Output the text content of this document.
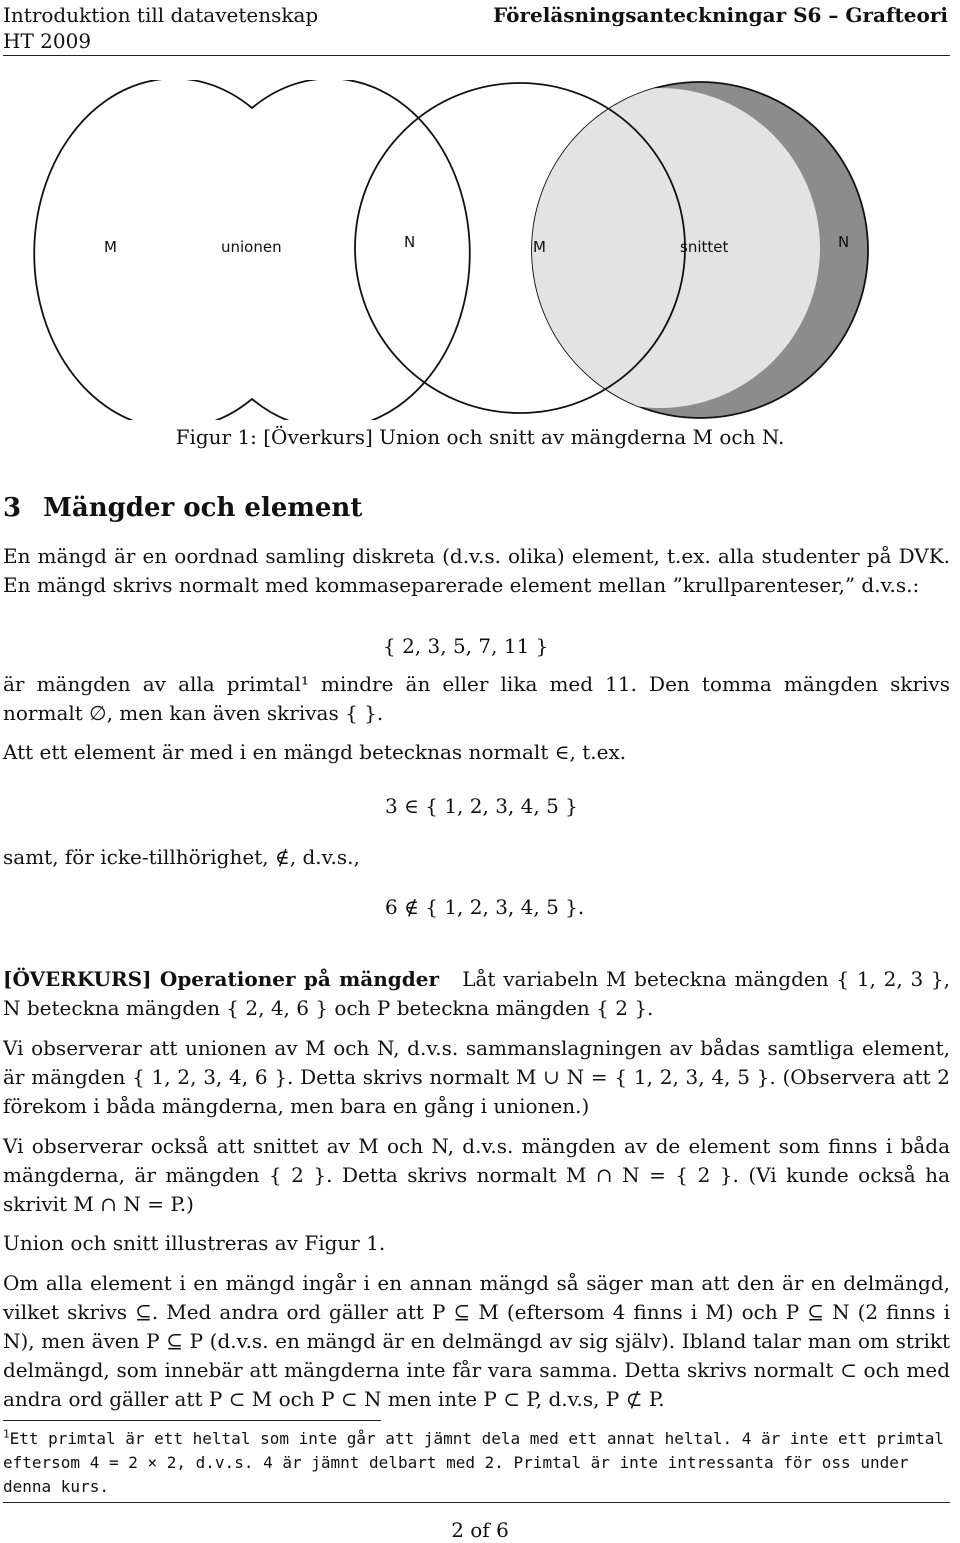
Introduktion till datavetenskap
HT 2009
Föreläsningsanteckningar S6 – Grafteori
M	unionen	N	M	snittet	N
Figur 1: [Överkurs] Union och snitt av mängderna M och N.
3 Mängder och element
En mängd är en oordnad samling diskreta (d.v.s. olika) element, t.ex. alla studenter på DVK. En mängd skrivs normalt med kommaseparerade element mellan ”krullparenteser,” d.v.s.:
{ 2, 3, 5, 7, 11 }
är mängden av alla primtal¹ mindre än eller lika med 11. Den tomma mängden skrivs normalt ∅, men kan även skrivas { }.
Att ett element är med i en mängd betecknas normalt ∈, t.ex.
3 ∈ { 1, 2, 3, 4, 5 }
samt, för icke-tillhörighet, ∉, d.v.s.,
6 ∉ { 1, 2, 3, 4, 5 }.
[ÖVERKURS] Operationer på mängder Låt variabeln M beteckna mängden { 1, 2, 3 }, N beteckna mängden { 2, 4, 6 } och P beteckna mängden { 2 }.
Vi observerar att unionen av M och N, d.v.s. sammanslagningen av bådas samtliga element, är mängden { 1, 2, 3, 4, 6 }. Detta skrivs normalt M ∪ N = { 1, 2, 3, 4, 5 }. (Observera att 2 förekom i båda mängderna, men bara en gång i unionen.)
Vi observerar också att snittet av M och N, d.v.s. mängden av de element som finns i båda mängderna, är mängden { 2 }. Detta skrivs normalt M ∩ N = { 2 }. (Vi kunde också ha skrivit M ∩ N = P.)
Union och snitt illustreras av Figur 1.
Om alla element i en mängd ingår i en annan mängd så säger man att den är en delmängd, vilket skrivs ⊆. Med andra ord gäller att P ⊆ M (eftersom 4 finns i M) och P ⊆ N (2 finns i N), men även P ⊆ P (d.v.s. en mängd är en delmängd av sig själv). Ibland talar man om strikt delmängd, som innebär att mängderna inte får vara samma. Detta skrivs normalt ⊂ och med andra ord gäller att P ⊂ M och P ⊂ N men inte P ⊂ P, d.v.s, P ⊄ P.
$^1$Ett primtal är ett heltal som inte går att jämnt dela med ett annat heltal. 4 är inte ett primtal eftersom 4 = 2 × 2, d.v.s. 4 är jämnt delbart med 2. Primtal är inte intressanta för oss under denna kurs.
2 of 6
